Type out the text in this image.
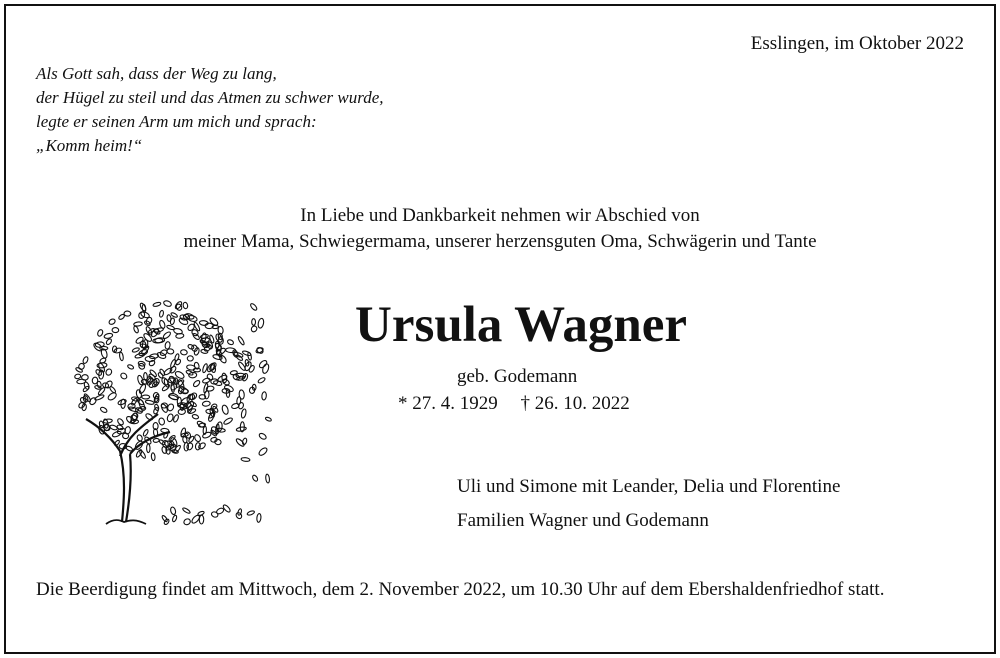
Esslingen, im Oktober 2022
Als Gott sah, dass der Weg zu lang,
der Hügel zu steil und das Atmen zu schwer wurde,
legte er seinen Arm um mich und sprach:
„Komm heim!“
In Liebe und Dankbarkeit nehmen wir Abschied von
meiner Mama, Schwiegermama, unserer herzensguten Oma, Schwägerin und Tante
Ursula Wagner
geb. Godemann
* 27. 4. 1929 † 26. 10. 2022
Uli und Simone mit Leander, Delia und Florentine
Familien Wagner und Godemann
Die Beerdigung findet am Mittwoch, dem 2. November 2022, um 10.30 Uhr auf dem Ebershaldenfriedhof statt.
